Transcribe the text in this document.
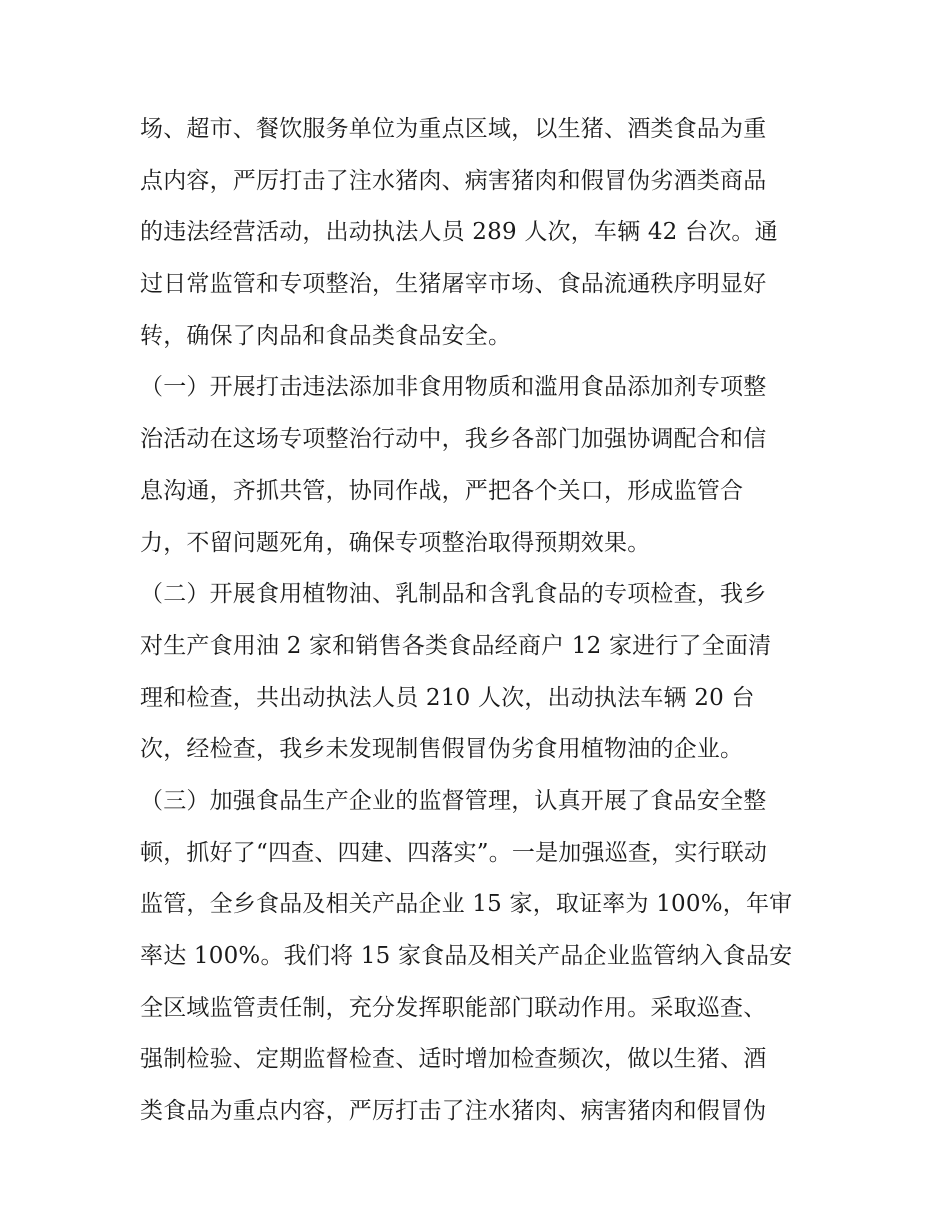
场、超市、餐饮服务单位为重点区域，以生猪、酒类食品为重
点内容，严厉打击了注水猪肉、病害猪肉和假冒伪劣酒类商品
的违法经营活动，出动执法人员 289 人次，车辆 42 台次。通
过日常监管和专项整治，生猪屠宰市场、食品流通秩序明显好
转，确保了肉品和食品类食品安全。
（一）开展打击违法添加非食用物质和滥用食品添加剂专项整
治活动在这场专项整治行动中，我乡各部门加强协调配合和信
息沟通，齐抓共管，协同作战，严把各个关口，形成监管合
力，不留问题死角，确保专项整治取得预期效果。
（二）开展食用植物油、乳制品和含乳食品的专项检查，我乡
对生产食用油 2 家和销售各类食品经商户 12 家进行了全面清
理和检查，共出动执法人员 210 人次，出动执法车辆 20 台
次，经检查，我乡未发现制售假冒伪劣食用植物油的企业。
（三）加强食品生产企业的监督管理，认真开展了食品安全整
顿，抓好了“四查、四建、四落实”。一是加强巡查，实行联动
监管，全乡食品及相关产品企业 15 家，取证率为 100%，年审
率达 100%。我们将 15 家食品及相关产品企业监管纳入食品安
全区域监管责任制，充分发挥职能部门联动作用。采取巡查、
强制检验、定期监督检查、适时增加检查频次，做以生猪、酒
类食品为重点内容，严厉打击了注水猪肉、病害猪肉和假冒伪
